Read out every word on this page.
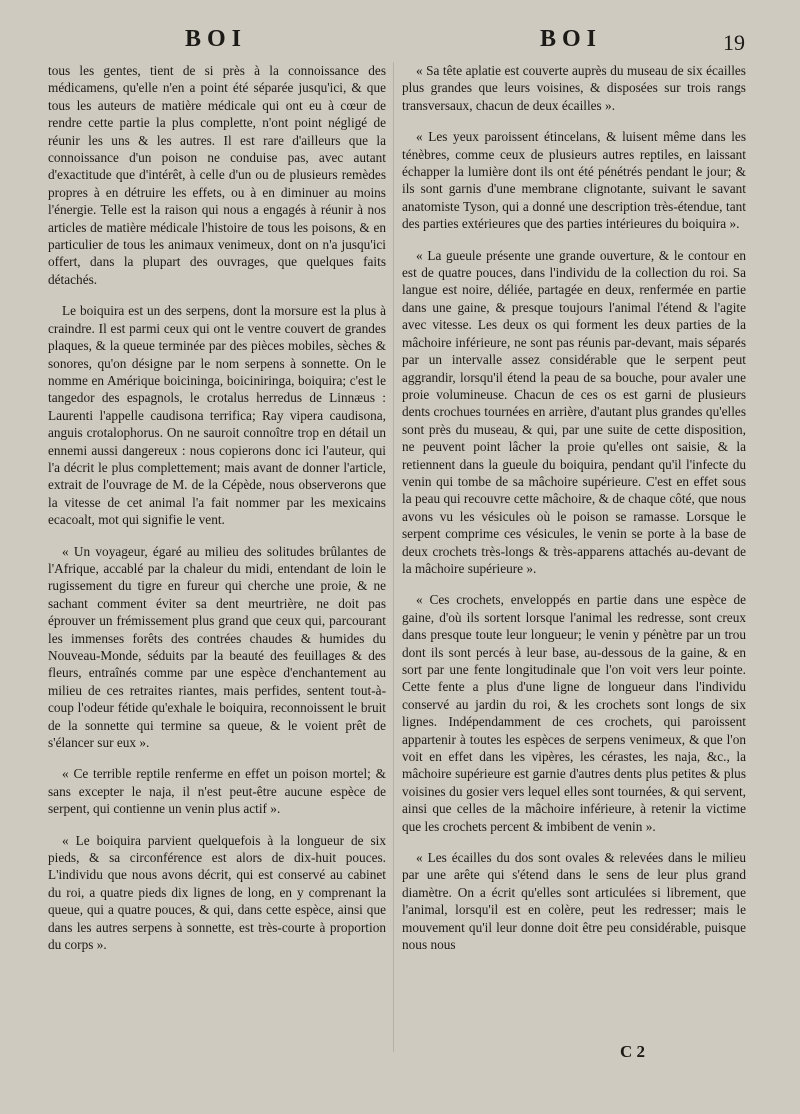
BOI	BOI	19

tous les gentes, tient de si près à la connoissance des médicamens, qu'elle n'en a point été séparée jusqu'ici, & que tous les auteurs de matière médicale qui ont eu à cœur de rendre cette partie la plus complette, n'ont point négligé de réunir les uns & les autres. Il est rare d'ailleurs que la connoissance d'un poison ne conduise pas, avec autant d'exactitude que d'intérêt, à celle d'un ou de plusieurs remèdes propres à en détruire les effets, ou à en diminuer au moins l'énergie. Telle est la raison qui nous a engagés à réunir à nos articles de matière médicale l'histoire de tous les poisons, & en particulier de tous les animaux venimeux, dont on n'a jusqu'ici offert, dans la plupart des ouvrages, que quelques faits détachés.

Le boiquira est un des serpens, dont la morsure est la plus à craindre. Il est parmi ceux qui ont le ventre couvert de grandes plaques, & la queue terminée par des pièces mobiles, sèches & sonores, qu'on désigne par le nom serpens à sonnette. On le nomme en Amérique boicininga, boiciniringa, boiquira; c'est le tangedor des espagnols, le crotalus herredus de Linnæus : Laurenti l'appelle caudisona terrifica; Ray vipera caudisona, anguis crotalophorus. On ne sauroit connoître trop en détail un ennemi aussi dangereux : nous copierons donc ici l'auteur, qui l'a décrit le plus complettement; mais avant de donner l'article, extrait de l'ouvrage de M. de la Cépède, nous observerons que la vitesse de cet animal l'a fait nommer par les mexicains ecacoalt, mot qui signifie le vent.

« Un voyageur, égaré au milieu des solitudes brûlantes de l'Afrique, accablé par la chaleur du midi, entendant de loin le rugissement du tigre en fureur qui cherche une proie, & ne sachant comment éviter sa dent meurtrière, ne doit pas éprouver un frémissement plus grand que ceux qui, parcourant les immenses forêts des contrées chaudes & humides du Nouveau-Monde, séduits par la beauté des feuillages & des fleurs, entraînés comme par une espèce d'enchantement au milieu de ces retraites riantes, mais perfides, sentent tout-à-coup l'odeur fétide qu'exhale le boiquira, reconnoissent le bruit de la sonnette qui termine sa queue, & le voient prêt de s'élancer sur eux ».

« Ce terrible reptile renferme en effet un poison mortel; & sans excepter le naja, il n'est peut-être aucune espèce de serpent, qui contienne un venin plus actif ».

« Le boiquira parvient quelquefois à la longueur de six pieds, & sa circonférence est alors de dix-huit pouces. L'individu que nous avons décrit, qui est conservé au cabinet du roi, a quatre pieds dix lignes de long, en y comprenant la queue, qui a quatre pouces, & qui, dans cette espèce, ainsi que dans les autres serpens à sonnette, est très-courte à proportion du corps ».

« Sa tête aplatie est couverte auprès du museau de six écailles plus grandes que leurs voisines, & disposées sur trois rangs transversaux, chacun de deux écailles ».

« Les yeux paroissent étincelans, & luisent même dans les ténèbres, comme ceux de plusieurs autres reptiles, en laissant échapper la lumière dont ils ont été pénétrés pendant le jour; & ils sont garnis d'une membrane clignotante, suivant le savant anatomiste Tyson, qui a donné une description très-étendue, tant des parties extérieures que des parties intérieures du boiquira ».

« La gueule présente une grande ouverture, & le contour en est de quatre pouces, dans l'individu de la collection du roi. Sa langue est noire, déliée, partagée en deux, renfermée en partie dans une gaine, & presque toujours l'animal l'étend & l'agite avec vitesse. Les deux os qui forment les deux parties de la mâchoire inférieure, ne sont pas réunis par-devant, mais séparés par un intervalle assez considérable que le serpent peut aggrandir, lorsqu'il étend la peau de sa bouche, pour avaler une proie volumineuse. Chacun de ces os est garni de plusieurs dents crochues tournées en arrière, d'autant plus grandes qu'elles sont près du museau, & qui, par une suite de cette disposition, ne peuvent point lâcher la proie qu'elles ont saisie, & la retiennent dans la gueule du boiquira, pendant qu'il l'infecte du venin qui tombe de sa mâchoire supérieure. C'est en effet sous la peau qui recouvre cette mâchoire, & de chaque côté, que nous avons vu les vésicules où le poison se ramasse. Lorsque le serpent comprime ces vésicules, le venin se porte à la base de deux crochets très-longs & très-apparens attachés au-devant de la mâchoire supérieure ».

« Ces crochets, enveloppés en partie dans une espèce de gaine, d'où ils sortent lorsque l'animal les redresse, sont creux dans presque toute leur longueur; le venin y pénètre par un trou dont ils sont percés à leur base, au-dessous de la gaine, & en sort par une fente longitudinale que l'on voit vers leur pointe. Cette fente a plus d'une ligne de longueur dans l'individu conservé au jardin du roi, & les crochets sont longs de six lignes. Indépendamment de ces crochets, qui paroissent appartenir à toutes les espèces de serpens venimeux, & que l'on voit en effet dans les vipères, les cérastes, les naja, &c., la mâchoire supérieure est garnie d'autres dents plus petites & plus voisines du gosier vers lequel elles sont tournées, & qui servent, ainsi que celles de la mâchoire inférieure, à retenir la victime que les crochets percent & imbibent de venin ».

« Les écailles du dos sont ovales & relevées dans le milieu par une arête qui s'étend dans le sens de leur plus grand diamètre. On a écrit qu'elles sont articulées si librement, que l'animal, lorsqu'il est en colère, peut les redresser; mais le mouvement qu'il leur donne doit être peu considérable, puisque nous nous

C 2
